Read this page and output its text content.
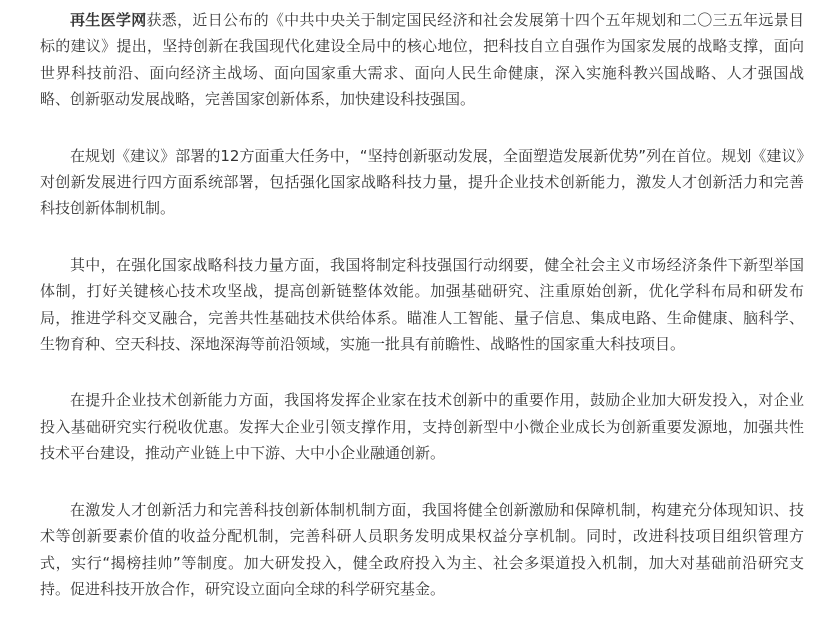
再生医学网获悉，近日公布的《中共中央关于制定国民经济和社会发展第十四个五年规划和二〇三五年远景目标的建议》提出，坚持创新在我国现代化建设全局中的核心地位，把科技自立自强作为国家发展的战略支撑，面向世界科技前沿、面向经济主战场、面向国家重大需求、面向人民生命健康，深入实施科教兴国战略、人才强国战略、创新驱动发展战略，完善国家创新体系，加快建设科技强国。

在规划《建议》部署的12方面重大任务中，“坚持创新驱动发展，全面塑造发展新优势”列在首位。规划《建议》对创新发展进行四方面系统部署，包括强化国家战略科技力量，提升企业技术创新能力，激发人才创新活力和完善科技创新体制机制。

其中，在强化国家战略科技力量方面，我国将制定科技强国行动纲要，健全社会主义市场经济条件下新型举国体制，打好关键核心技术攻坚战，提高创新链整体效能。加强基础研究、注重原始创新，优化学科布局和研发布局，推进学科交叉融合，完善共性基础技术供给体系。瞄准人工智能、量子信息、集成电路、生命健康、脑科学、生物育种、空天科技、深地深海等前沿领域，实施一批具有前瞻性、战略性的国家重大科技项目。

在提升企业技术创新能力方面，我国将发挥企业家在技术创新中的重要作用，鼓励企业加大研发投入，对企业投入基础研究实行税收优惠。发挥大企业引领支撑作用，支持创新型中小微企业成长为创新重要发源地，加强共性技术平台建设，推动产业链上中下游、大中小企业融通创新。

在激发人才创新活力和完善科技创新体制机制方面，我国将健全创新激励和保障机制，构建充分体现知识、技术等创新要素价值的收益分配机制，完善科研人员职务发明成果权益分享机制。同时，改进科技项目组织管理方式，实行“揭榜挂帅”等制度。加大研发投入，健全政府投入为主、社会多渠道投入机制，加大对基础前沿研究支持。促进科技开放合作，研究设立面向全球的科学研究基金。
